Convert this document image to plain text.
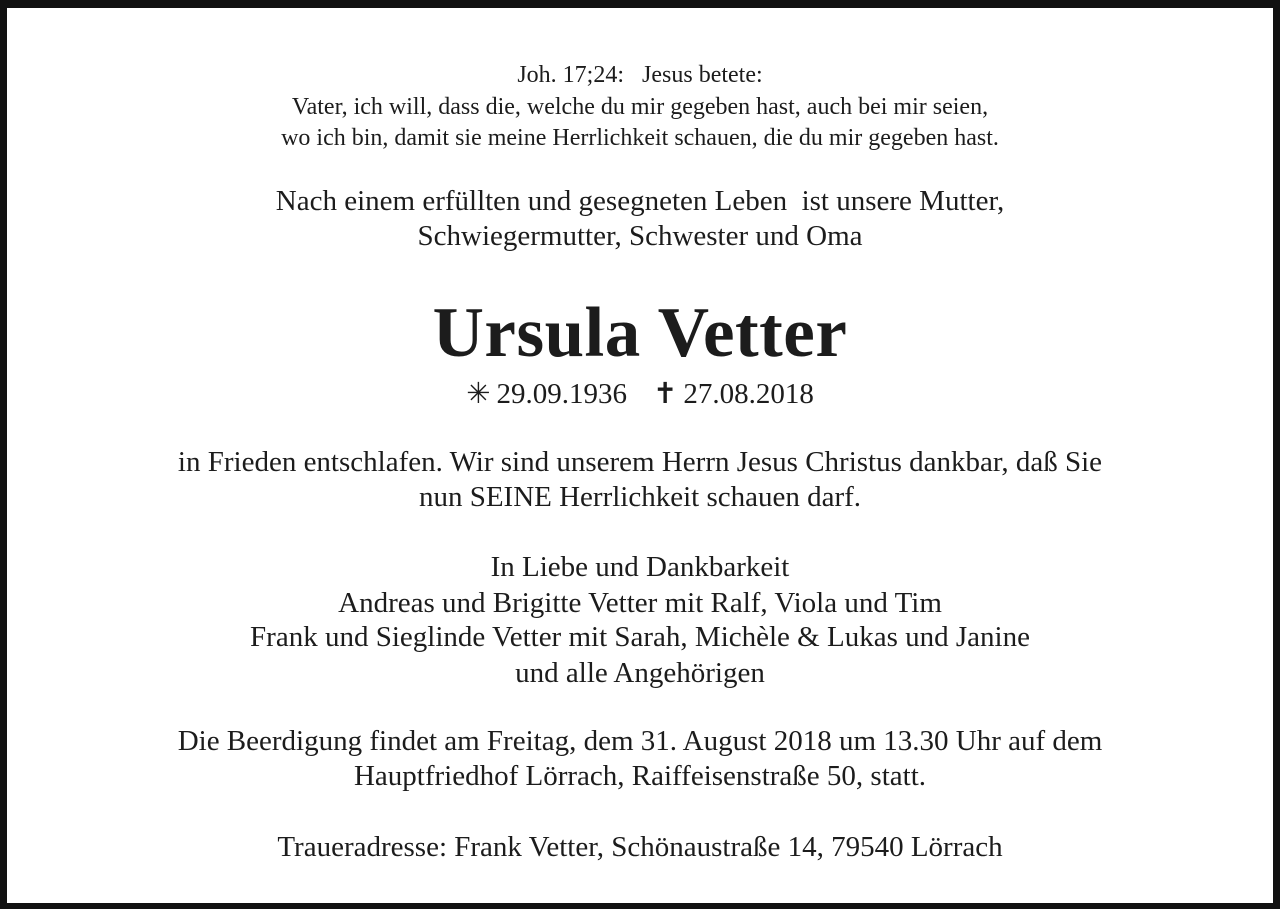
Joh. 17;24:   Jesus betete:

Vater, ich will, dass die, welche du mir gegeben hast, auch bei mir seien,

wo ich bin, damit sie meine Herrlichkeit schauen, die du mir gegeben hast.

Nach einem erfüllten und gesegneten Leben  ist unsere Mutter,

Schwiegermutter, Schwester und Oma

Ursula Vetter

✳ 29.09.1936 ✝ 27.08.2018

in Frieden entschlafen. Wir sind unserem Herrn Jesus Christus dankbar, daß Sie

nun SEINE Herrlichkeit schauen darf.

In Liebe und Dankbarkeit

Andreas und Brigitte Vetter mit Ralf, Viola und Tim

Frank und Sieglinde Vetter mit Sarah, Michèle & Lukas und Janine

und alle Angehörigen

Die Beerdigung findet am Freitag, dem 31. August 2018 um 13.30 Uhr auf dem

Hauptfriedhof Lörrach, Raiffeisenstraße 50, statt.

Traueradresse: Frank Vetter, Schönaustraße 14, 79540 Lörrach
